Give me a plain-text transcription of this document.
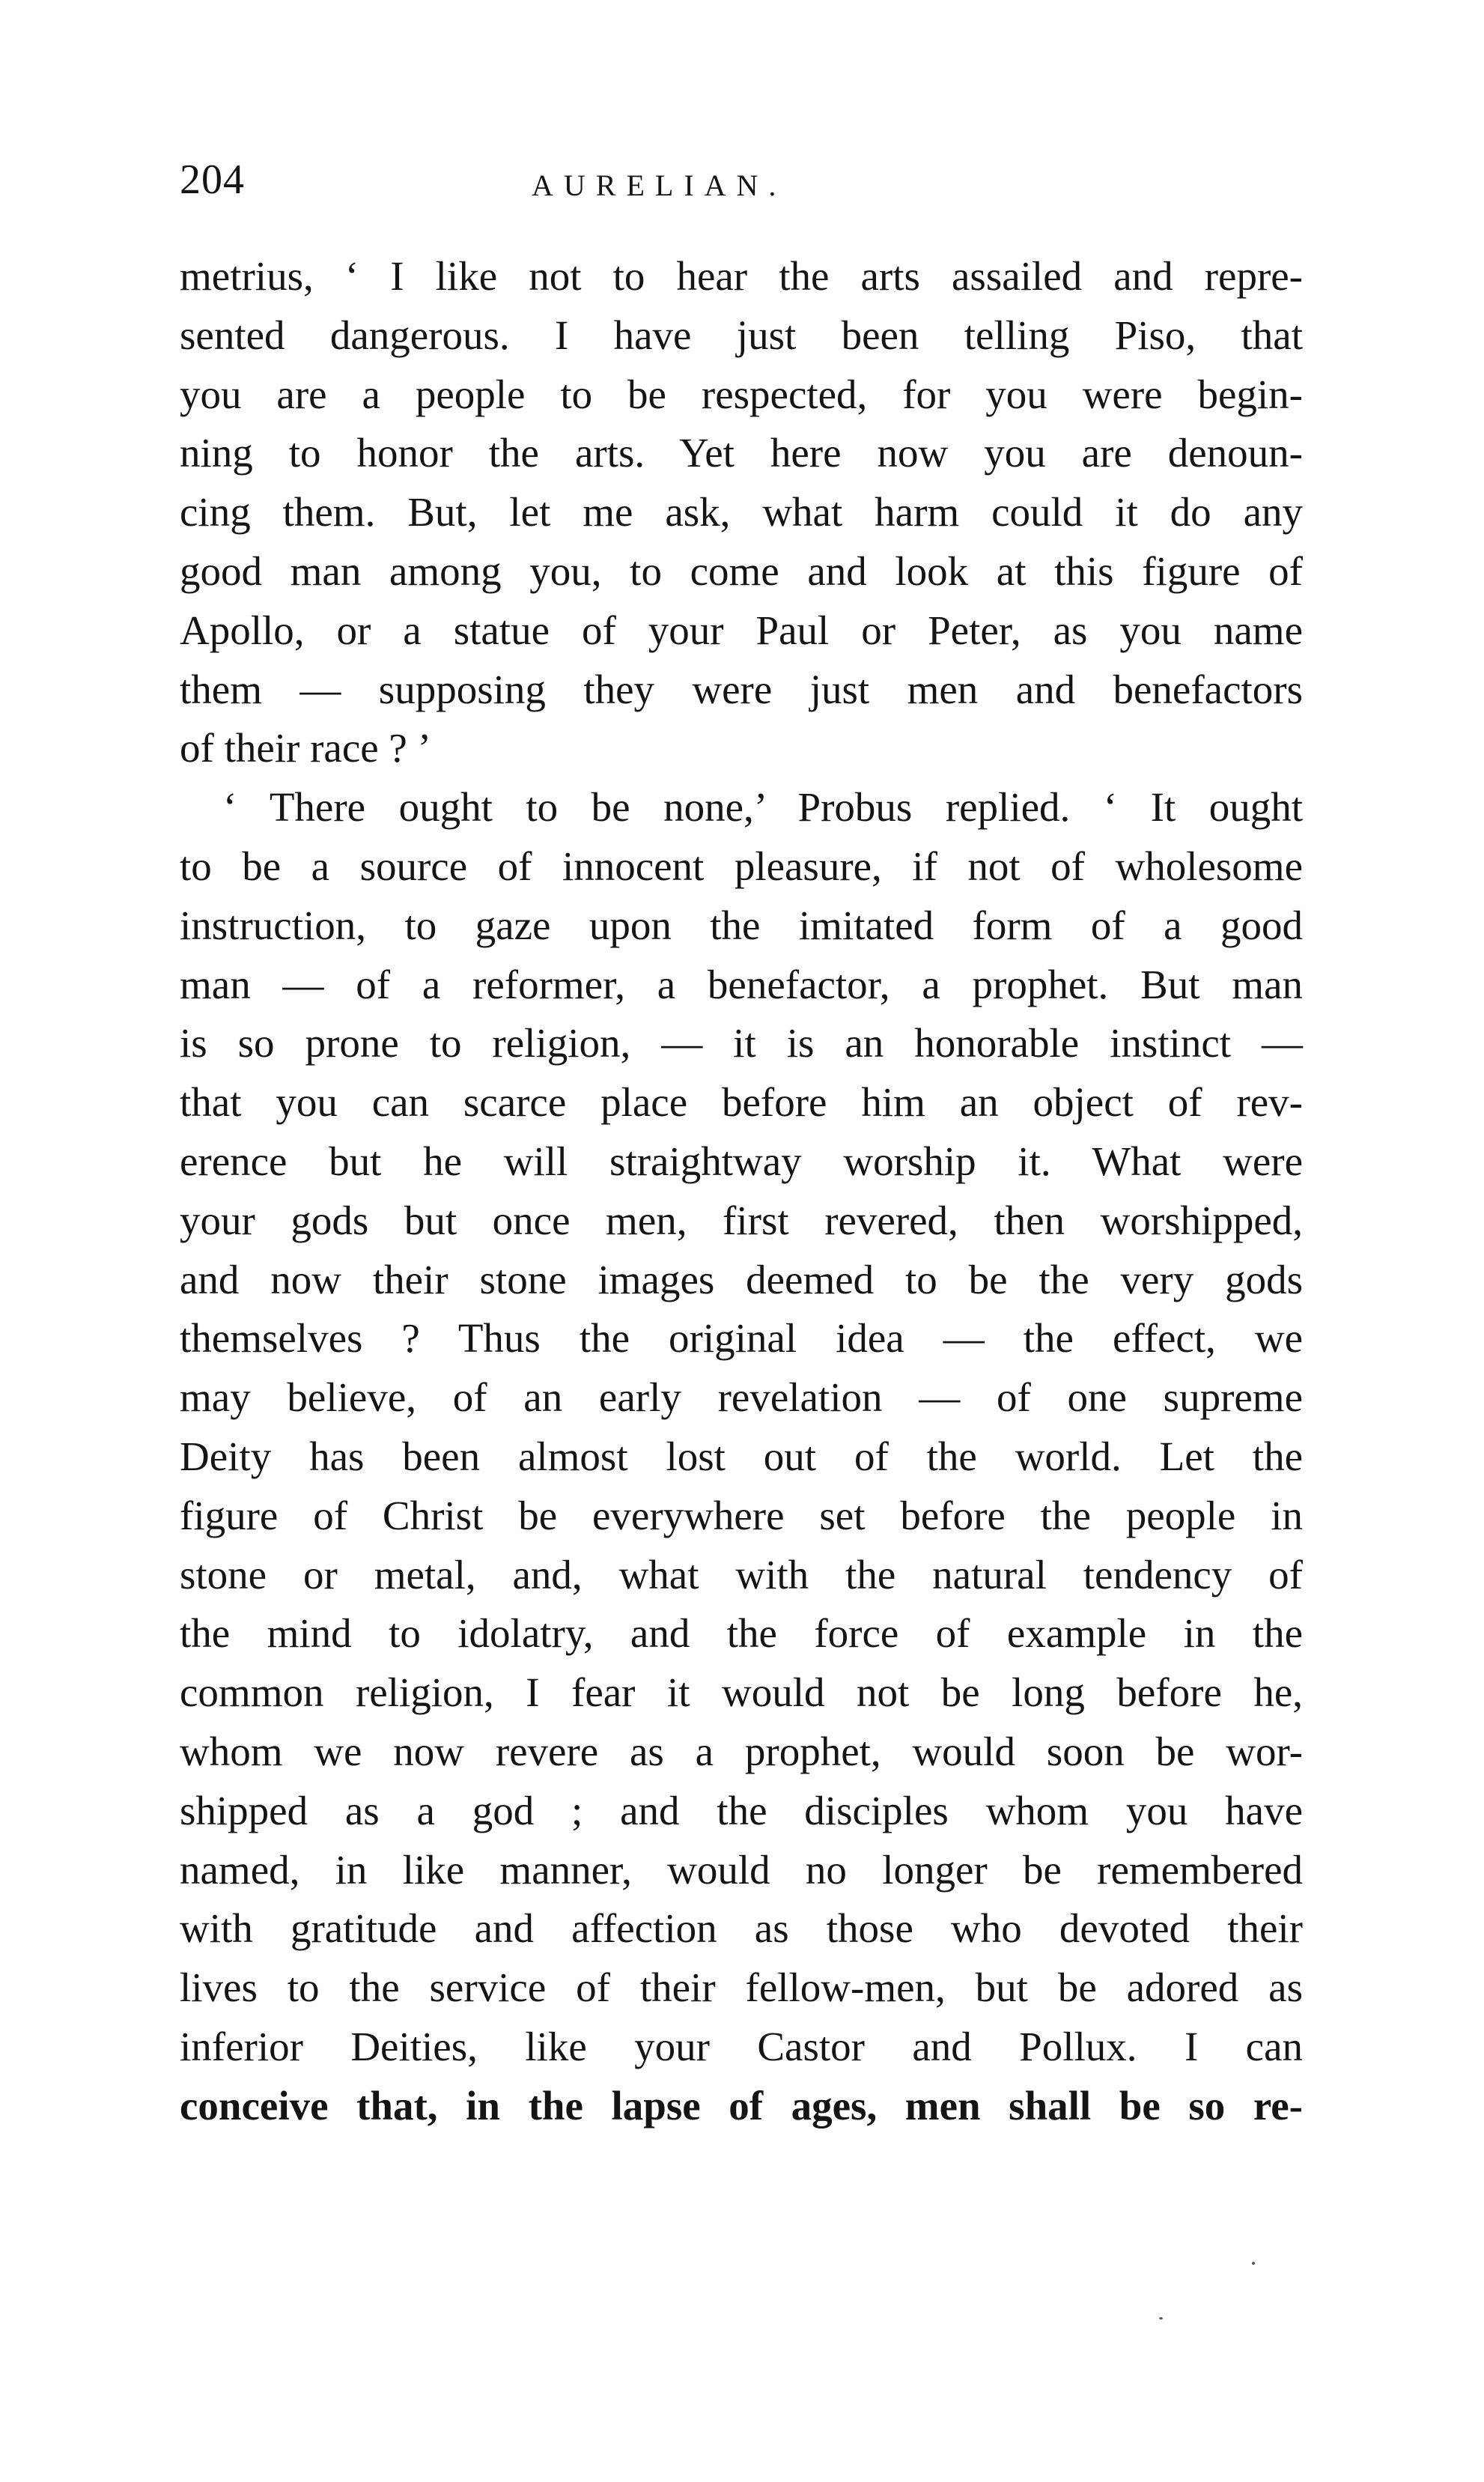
204	AURELIAN.
metrius, ‘ I like not to hear the arts assailed and repre-
sented dangerous. I have just been telling Piso, that
you are a people to be respected, for you were begin-
ning to honor the arts. Yet here now you are denoun-
cing them. But, let me ask, what harm could it do any
good man among you, to come and look at this figure of
Apollo, or a statue of your Paul or Peter, as you name
them — supposing they were just men and benefactors
of their race ? ’
‘ There ought to be none,’ Probus replied. ‘ It ought
to be a source of innocent pleasure, if not of wholesome
instruction, to gaze upon the imitated form of a good
man — of a reformer, a benefactor, a prophet. But man
is so prone to religion, — it is an honorable instinct —
that you can scarce place before him an object of rev-
erence but he will straightway worship it. What were
your gods but once men, first revered, then worshipped,
and now their stone images deemed to be the very gods
themselves ? Thus the original idea — the effect, we
may believe, of an early revelation — of one supreme
Deity has been almost lost out of the world. Let the
figure of Christ be everywhere set before the people in
stone or metal, and, what with the natural tendency of
the mind to idolatry, and the force of example in the
common religion, I fear it would not be long before he,
whom we now revere as a prophet, would soon be wor-
shipped as a god ; and the disciples whom you have
named, in like manner, would no longer be remembered
with gratitude and affection as those who devoted their
lives to the service of their fellow-men, but be adored as
inferior Deities, like your Castor and Pollux. I can
conceive that, in the lapse of ages, men shall be so re-
